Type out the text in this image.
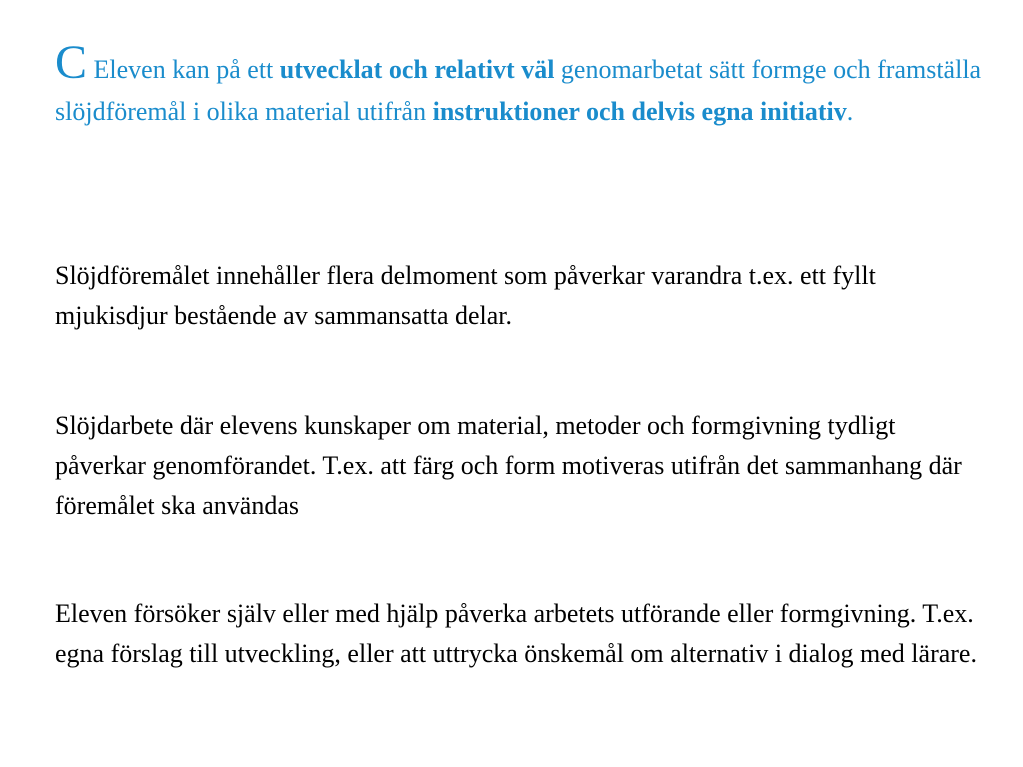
C Eleven kan på ett utvecklat och relativt väl genomarbetat sätt formge och framställa slöjdföremål i olika material utifrån instruktioner och delvis egna initiativ.
Slöjdföremålet innehåller flera delmoment som påverkar varandra t.ex. ett fyllt mjukisdjur bestående av sammansatta delar.
Slöjdarbete där elevens kunskaper om material, metoder och formgivning tydligt påverkar genomförandet. T.ex. att färg och form motiveras utifrån det sammanhang där föremålet ska användas
Eleven försöker själv eller med hjälp påverka arbetets utförande eller formgivning. T.ex. egna förslag till utveckling, eller att uttrycka önskemål om alternativ i dialog med lärare.
